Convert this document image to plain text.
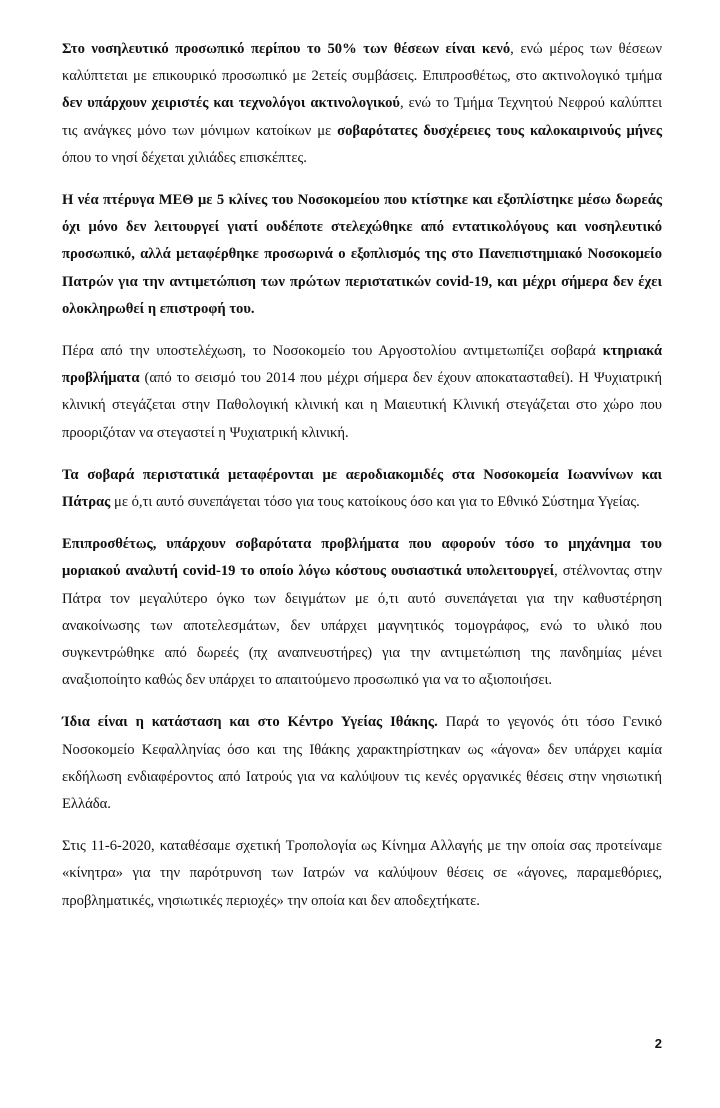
Στο νοσηλευτικό προσωπικό περίπου το 50% των θέσεων είναι κενό, ενώ μέρος των θέσεων καλύπτεται με επικουρικό προσωπικό με 2ετείς συμβάσεις. Επιπροσθέτως, στο ακτινολογικό τμήμα δεν υπάρχουν χειριστές και τεχνολόγοι ακτινολογικού, ενώ το Τμήμα Τεχνητού Νεφρού καλύπτει τις ανάγκες μόνο των μόνιμων κατοίκων με σοβαρότατες δυσχέρειες τους καλοκαιρινούς μήνες όπου το νησί δέχεται χιλιάδες επισκέπτες.

Η νέα πτέρυγα ΜΕΘ με 5 κλίνες του Νοσοκομείου που κτίστηκε και εξοπλίστηκε μέσω δωρεάς όχι μόνο δεν λειτουργεί γιατί ουδέποτε στελεχώθηκε από εντατικολόγους και νοσηλευτικό προσωπικό, αλλά μεταφέρθηκε προσωρινά ο εξοπλισμός της στο Πανεπιστημιακό Νοσοκομείο Πατρών για την αντιμετώπιση των πρώτων περιστατικών covid-19, και μέχρι σήμερα δεν έχει ολοκληρωθεί η επιστροφή του.

Πέρα από την υποστελέχωση, το Νοσοκομείο του Αργοστολίου αντιμετωπίζει σοβαρά κτηριακά προβλήματα (από το σεισμό του 2014 που μέχρι σήμερα δεν έχουν αποκατασταθεί). Η Ψυχιατρική κλινική στεγάζεται στην Παθολογική κλινική και η Μαιευτική Κλινική στεγάζεται στο χώρο που προοριζόταν να στεγαστεί η Ψυχιατρική κλινική.

Τα σοβαρά περιστατικά μεταφέρονται με αεροδιακομιδές στα Νοσοκομεία Ιωαννίνων και Πάτρας με ό,τι αυτό συνεπάγεται τόσο για τους κατοίκους όσο και για το Εθνικό Σύστημα Υγείας.

Επιπροσθέτως, υπάρχουν σοβαρότατα προβλήματα που αφορούν τόσο το μηχάνημα του μοριακού αναλυτή covid-19 το οποίο λόγω κόστους ουσιαστικά υπολειτουργεί, στέλνοντας στην Πάτρα τον μεγαλύτερο όγκο των δειγμάτων με ό,τι αυτό συνεπάγεται για την καθυστέρηση ανακοίνωσης των αποτελεσμάτων, δεν υπάρχει μαγνητικός τομογράφος, ενώ το υλικό που συγκεντρώθηκε από δωρεές (πχ αναπνευστήρες) για την αντιμετώπιση της πανδημίας μένει αναξιοποίητο καθώς δεν υπάρχει το απαιτούμενο προσωπικό για να το αξιοποιήσει.

Ίδια είναι η κατάσταση και στο Κέντρο Υγείας Ιθάκης. Παρά το γεγονός ότι τόσο Γενικό Νοσοκομείο Κεφαλληνίας όσο και της Ιθάκης χαρακτηρίστηκαν ως «άγονα» δεν υπάρχει καμία εκδήλωση ενδιαφέροντος από Ιατρούς για να καλύψουν τις κενές οργανικές θέσεις στην νησιωτική Ελλάδα.

Στις 11-6-2020, καταθέσαμε σχετική Τροπολογία ως Κίνημα Αλλαγής με την οποία σας προτείναμε «κίνητρα» για την παρότρυνση των Ιατρών να καλύψουν θέσεις σε «άγονες, παραμεθόριες, προβληματικές, νησιωτικές περιοχές» την οποία και δεν αποδεχτήκατε.

2
